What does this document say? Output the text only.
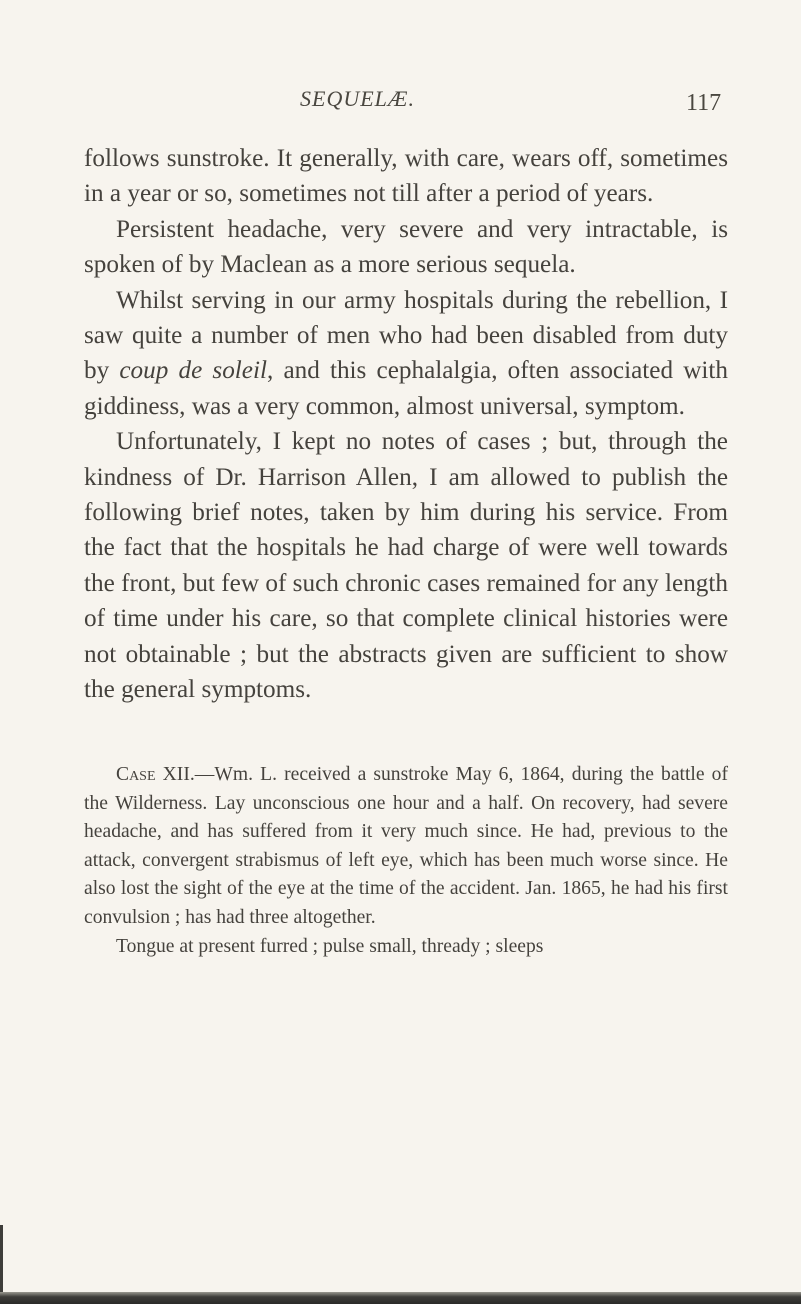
SEQUELÆ.	117

follows sunstroke. It generally, with care, wears off, sometimes in a year or so, sometimes not till after a period of years.

Persistent headache, very severe and very intractable, is spoken of by Maclean as a more serious sequela.

Whilst serving in our army hospitals during the rebellion, I saw quite a number of men who had been disabled from duty by coup de soleil, and this cephalalgia, often associated with giddiness, was a very common, almost universal, symptom.

Unfortunately, I kept no notes of cases ; but, through the kindness of Dr. Harrison Allen, I am allowed to publish the following brief notes, taken by him during his service. From the fact that the hospitals he had charge of were well towards the front, but few of such chronic cases remained for any length of time under his care, so that complete clinical histories were not obtainable ; but the abstracts given are sufficient to show the general symptoms.

Case XII.—Wm. L. received a sunstroke May 6, 1864, during the battle of the Wilderness. Lay unconscious one hour and a half. On recovery, had severe headache, and has suffered from it very much since. He had, previous to the attack, convergent strabismus of left eye, which has been much worse since. He also lost the sight of the eye at the time of the accident. Jan. 1865, he had his first convulsion ; has had three altogether.

Tongue at present furred ; pulse small, thready ; sleeps
